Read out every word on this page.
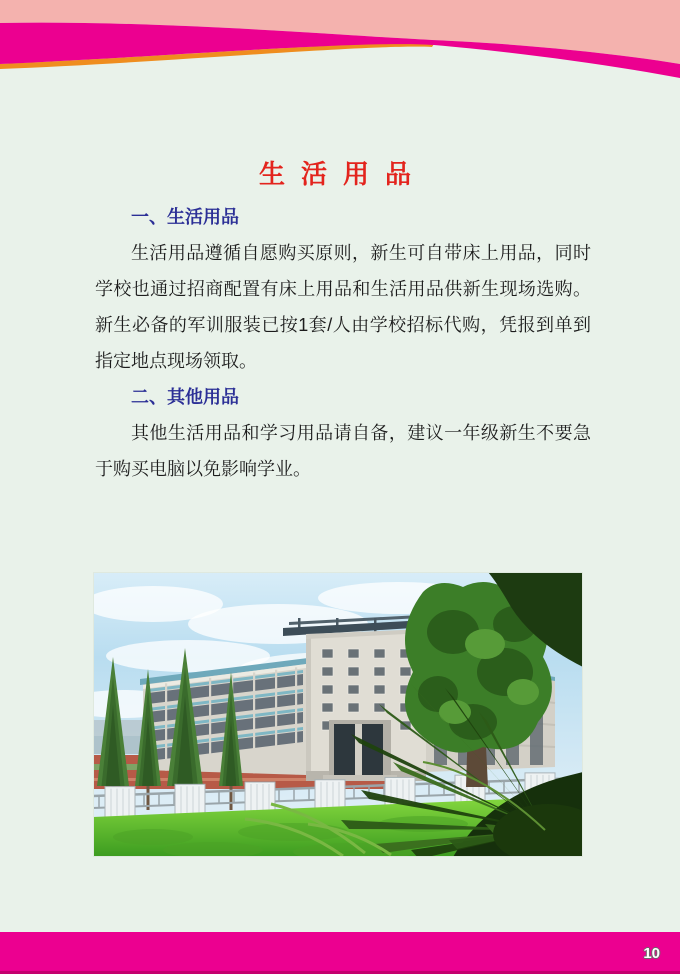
生活用品
一、生活用品

生活用品遵循自愿购买原则，新生可自带床上用品，同时学校也通过招商配置有床上用品和生活用品供新生现场选购。新生必备的军训服装已按1套/人由学校招标代购，凭报到单到指定地点现场领取。

二、其他用品

其他生活用品和学习用品请自备，建议一年级新生不要急于购买电脑以免影响学业。

10
